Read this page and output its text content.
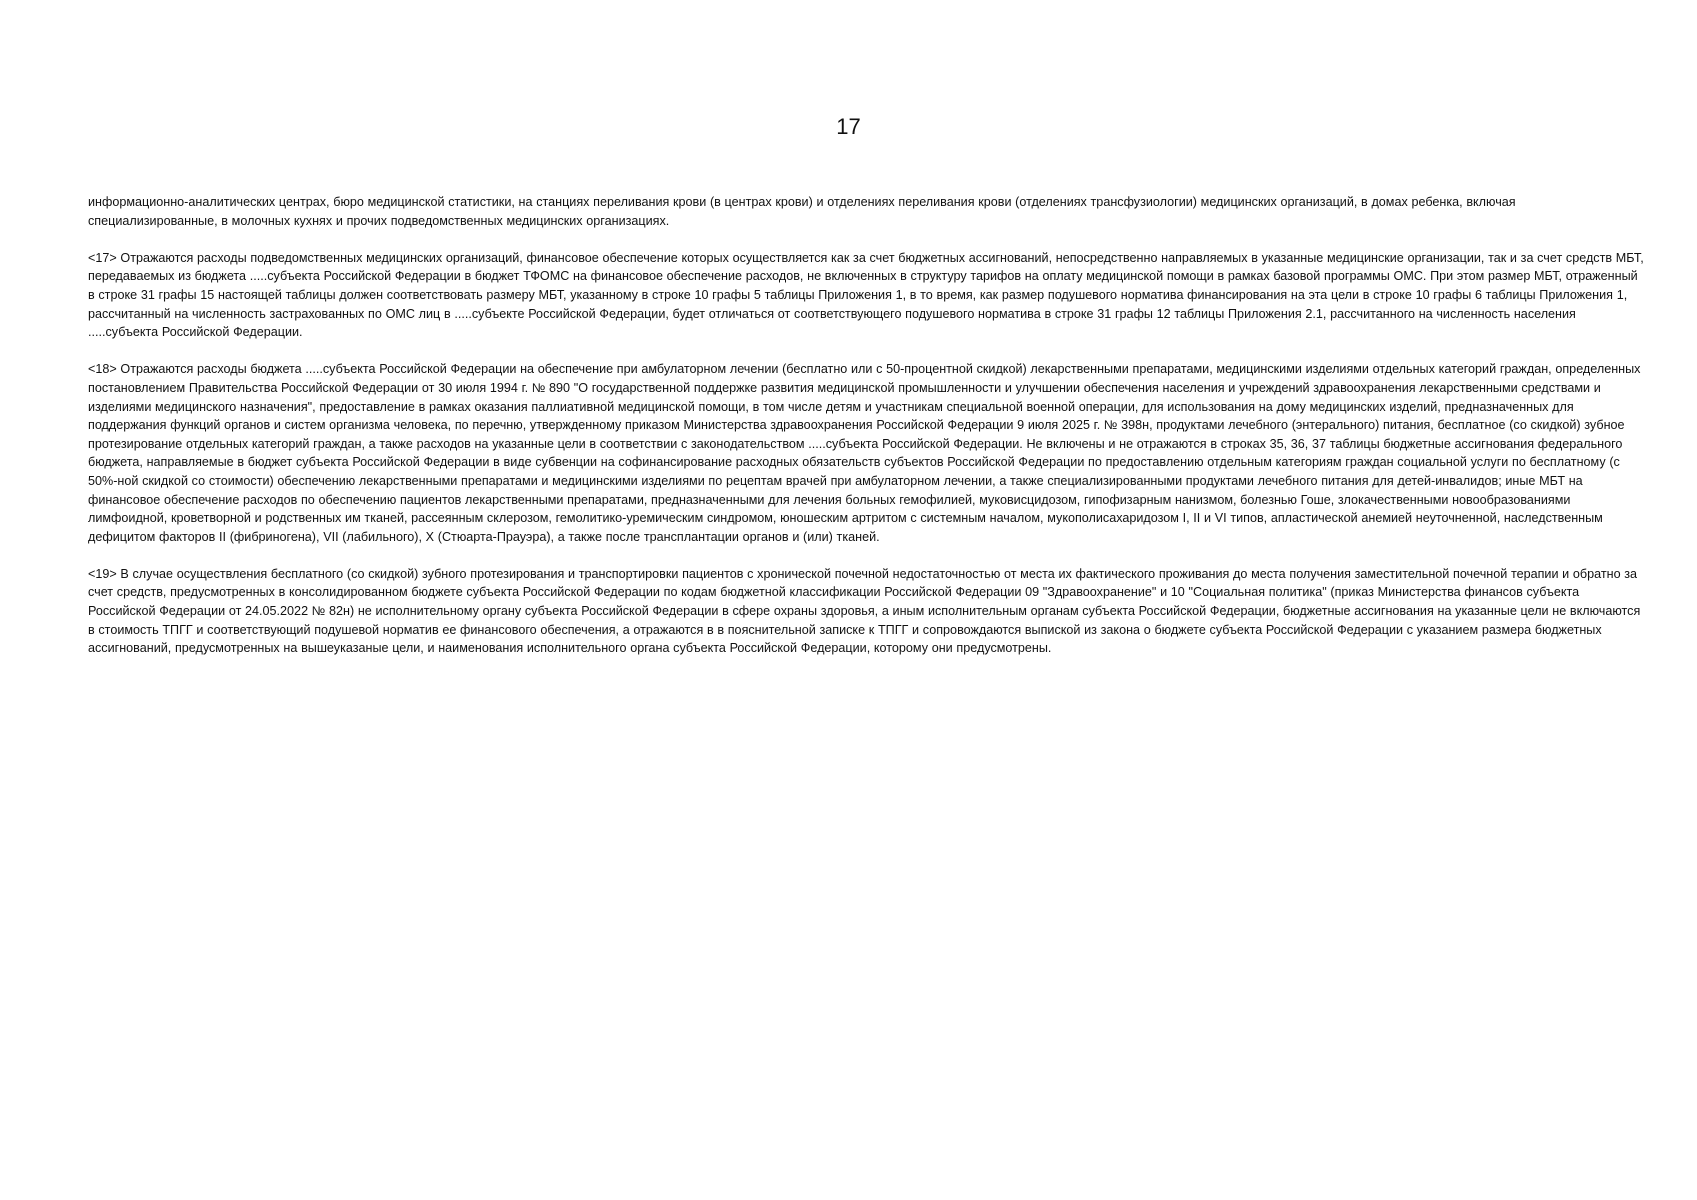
17

информационно-аналитических центрах, бюро медицинской статистики, на станциях переливания крови (в центрах крови) и отделениях переливания крови (отделениях трансфузиологии) медицинских организаций, в домах ребенка, включая специализированные, в молочных кухнях и прочих подведомственных медицинских организациях.

<17> Отражаются расходы подведомственных медицинских организаций, финансовое обеспечение которых осуществляется как за счет бюджетных ассигнований, непосредственно направляемых в указанные медицинские организации, так и за счет средств МБТ, передаваемых из бюджета .....субъекта Российской Федерации в бюджет ТФОМС на финансовое обеспечение расходов, не включенных в структуру тарифов на оплату медицинской помощи в рамках базовой программы ОМС. При этом размер МБТ, отраженный в строке 31 графы 15 настоящей таблицы должен соответствовать размеру МБТ, указанному в строке 10 графы 5 таблицы Приложения 1, в то время, как размер подушевого норматива финансирования на эта цели в строке 10 графы 6 таблицы Приложения 1, рассчитанный на численность застрахованных по ОМС лиц в .....субъекте Российской Федерации, будет отличаться от соответствующего подушевого норматива в строке 31 графы 12 таблицы Приложения 2.1, рассчитанного на численность населения .....субъекта Российской Федерации.

<18> Отражаются расходы бюджета .....субъекта Российской Федерации на обеспечение при амбулаторном лечении (бесплатно или с 50-процентной скидкой) лекарственными препаратами, медицинскими изделиями отдельных категорий граждан, определенных постановлением Правительства Российской Федерации от 30 июля 1994 г. № 890 "О государственной поддержке развития медицинской промышленности и улучшении обеспечения населения и учреждений здравоохранения лекарственными средствами и изделиями медицинского назначения", предоставление в рамках оказания паллиативной медицинской помощи, в том числе детям и участникам специальной военной операции, для использования на дому медицинских изделий, предназначенных для поддержания функций органов и систем организма человека, по перечню, утвержденному приказом Министерства здравоохранения Российской Федерации 9 июля 2025 г. № 398н, продуктами лечебного (энтерального) питания, бесплатное (со скидкой) зубное протезирование отдельных категорий граждан, а также расходов на указанные цели в соответствии с законодательством .....субъекта Российской Федерации. Не включены и не отражаются в строках 35, 36, 37 таблицы бюджетные ассигнования федерального бюджета, направляемые в бюджет субъекта Российской Федерации в виде субвенции на софинансирование расходных обязательств субъектов Российской Федерации по предоставлению отдельным категориям граждан социальной услуги по бесплатному (с 50%-ной скидкой со стоимости) обеспечению лекарственными препаратами и медицинскими изделиями по рецептам врачей при амбулаторном лечении, а также специализированными продуктами лечебного питания для детей-инвалидов; иные МБТ на финансовое обеспечение расходов по обеспечению пациентов лекарственными препаратами, предназначенными для лечения больных гемофилией, муковисцидозом, гипофизарным нанизмом, болезнью Гоше, злокачественными новообразованиями лимфоидной, кроветворной и родственных им тканей, рассеянным склерозом, гемолитико-уремическим синдромом, юношеским артритом с системным началом, мукополисахаридозом I, II и VI типов, апластической анемией неуточненной, наследственным дефицитом факторов II (фибриногена), VII (лабильного), X (Стюарта-Прауэра), а также после трансплантации органов и (или) тканей.

<19> В случае осуществления бесплатного (со скидкой) зубного протезирования и транспортировки пациентов с хронической почечной недостаточностью от места их фактического проживания до места получения заместительной почечной терапии и обратно за счет средств, предусмотренных в консолидированном бюджете субъекта Российской Федерации по кодам бюджетной классификации Российской Федерации 09 "Здравоохранение" и 10 "Социальная политика" (приказ Министерства финансов субъекта Российской Федерации от 24.05.2022 № 82н) не исполнительному органу субъекта Российской Федерации в сфере охраны здоровья, а иным исполнительным органам субъекта Российской Федерации, бюджетные ассигнования на указанные цели не включаются в стоимость ТПГГ и соответствующий подушевой норматив ее финансового обеспечения, а отражаются в в пояснительной записке к ТПГГ и сопровождаются выпиской из закона о бюджете субъекта Российской Федерации с указанием размера бюджетных ассигнований, предусмотренных на вышеуказаные цели, и наименования исполнительного органа субъекта Российской Федерации, которому они предусмотрены.
